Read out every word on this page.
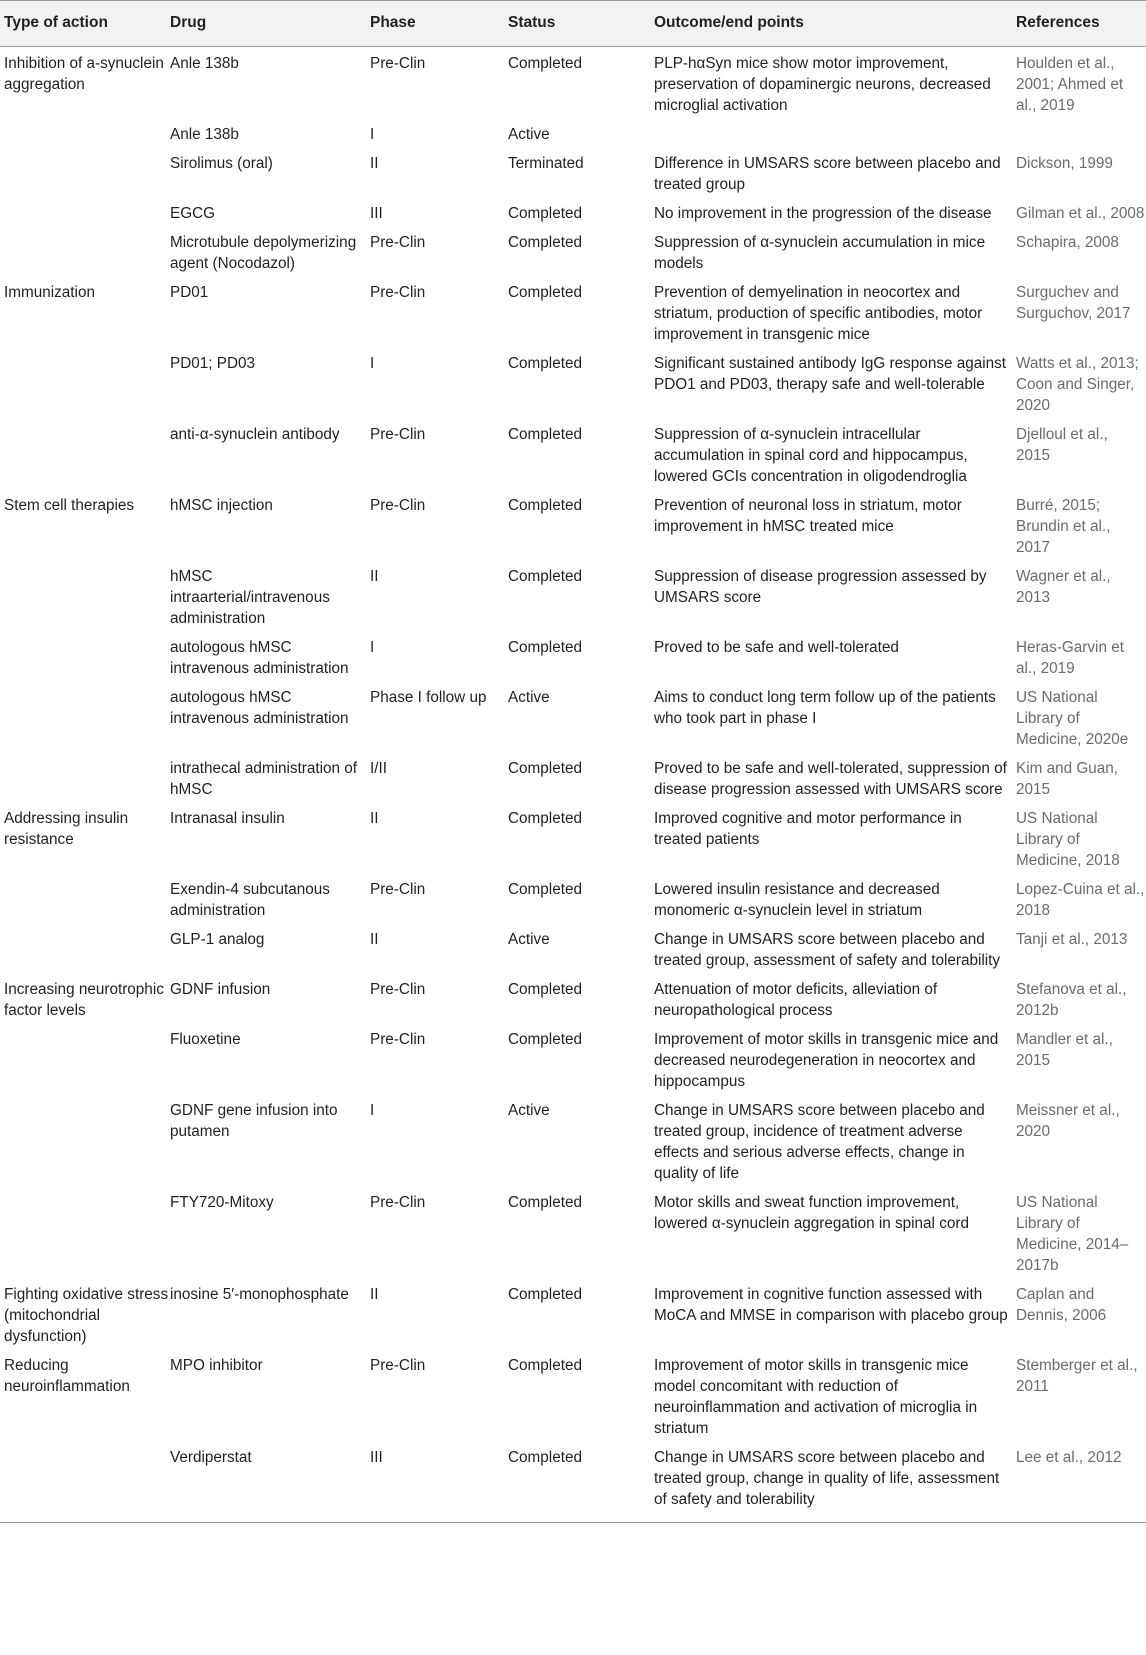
Type of action	Drug	Phase	Status	Outcome/end points	References
Inhibition of a-synuclein aggregation	Anle 138b	Pre-Clin	Completed	PLP-hαSyn mice show motor improvement, preservation of dopaminergic neurons, decreased microglial activation	Houlden et al., 2001; Ahmed et al., 2019
	Anle 138b	I	Active		
	Sirolimus (oral)	II	Terminated	Difference in UMSARS score between placebo and treated group	Dickson, 1999
	EGCG	III	Completed	No improvement in the progression of the disease	Gilman et al., 2008
	Microtubule depolymerizing agent (Nocodazol)	Pre-Clin	Completed	Suppression of α-synuclein accumulation in mice models	Schapira, 2008
Immunization	PD01	Pre-Clin	Completed	Prevention of demyelination in neocortex and striatum, production of specific antibodies, motor improvement in transgenic mice	Surguchev and Surguchov, 2017
	PD01; PD03	I	Completed	Significant sustained antibody IgG response against PDO1 and PD03, therapy safe and well-tolerable	Watts et al., 2013; Coon and Singer, 2020
	anti-α-synuclein antibody	Pre-Clin	Completed	Suppression of α-synuclein intracellular accumulation in spinal cord and hippocampus, lowered GCIs concentration in oligodendroglia	Djelloul et al., 2015
Stem cell therapies	hMSC injection	Pre-Clin	Completed	Prevention of neuronal loss in striatum, motor improvement in hMSC treated mice	Burré, 2015; Brundin et al., 2017
	hMSC intraarterial/intravenous administration	II	Completed	Suppression of disease progression assessed by UMSARS score	Wagner et al., 2013
	autologous hMSC intravenous administration	I	Completed	Proved to be safe and well-tolerated	Heras-Garvin et al., 2019
	autologous hMSC intravenous administration	Phase I follow up	Active	Aims to conduct long term follow up of the patients who took part in phase I	US National Library of Medicine, 2020e
	intrathecal administration of hMSC	I/II	Completed	Proved to be safe and well-tolerated, suppression of disease progression assessed with UMSARS score	Kim and Guan, 2015
Addressing insulin resistance	Intranasal insulin	II	Completed	Improved cognitive and motor performance in treated patients	US National Library of Medicine, 2018
	Exendin-4 subcutanous administration	Pre-Clin	Completed	Lowered insulin resistance and decreased monomeric α-synuclein level in striatum	Lopez-Cuina et al., 2018
	GLP-1 analog	II	Active	Change in UMSARS score between placebo and treated group, assessment of safety and tolerability	Tanji et al., 2013
Increasing neurotrophic factor levels	GDNF infusion	Pre-Clin	Completed	Attenuation of motor deficits, alleviation of neuropathological process	Stefanova et al., 2012b
	Fluoxetine	Pre-Clin	Completed	Improvement of motor skills in transgenic mice and decreased neurodegeneration in neocortex and hippocampus	Mandler et al., 2015
	GDNF gene infusion into putamen	I	Active	Change in UMSARS score between placebo and treated group, incidence of treatment adverse effects and serious adverse effects, change in quality of life	Meissner et al., 2020
	FTY720-Mitoxy	Pre-Clin	Completed	Motor skills and sweat function improvement, lowered α-synuclein aggregation in spinal cord	US National Library of Medicine, 2014–2017b
Fighting oxidative stress (mitochondrial dysfunction)	inosine 5′-monophosphate	II	Completed	Improvement in cognitive function assessed with MoCA and MMSE in comparison with placebo group	Caplan and Dennis, 2006
Reducing neuroinflammation	MPO inhibitor	Pre-Clin	Completed	Improvement of motor skills in transgenic mice model concomitant with reduction of neuroinflammation and activation of microglia in striatum	Stemberger et al., 2011
	Verdiperstat	III	Completed	Change in UMSARS score between placebo and treated group, change in quality of life, assessment of safety and tolerability	Lee et al., 2012
